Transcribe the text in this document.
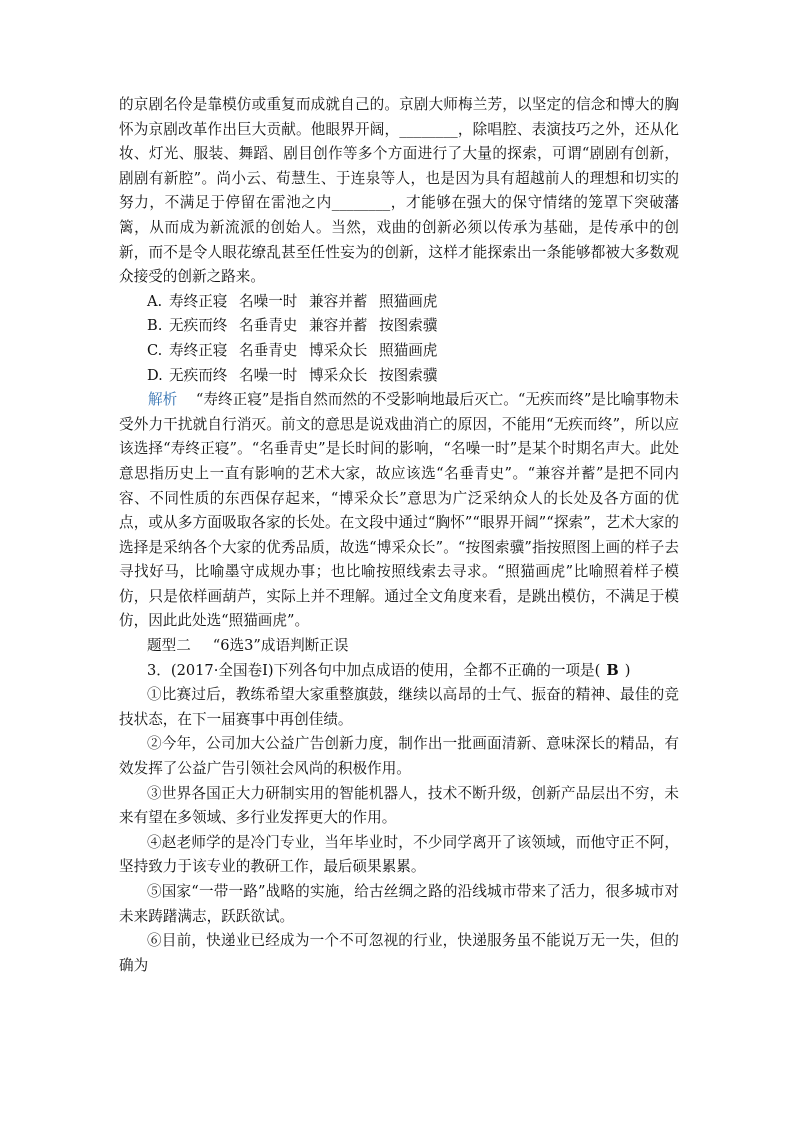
的京剧名伶是靠模仿或重复而成就自己的。京剧大师梅兰芳，以坚定的信念和博大的胸怀为京剧改革作出巨大贡献。他眼界开阔，________，除唱腔、表演技巧之外，还从化妆、灯光、服装、舞蹈、剧目创作等多个方面进行了大量的探索，可谓“剧剧有创新，剧剧有新腔”。尚小云、荀慧生、于连泉等人，也是因为具有超越前人的理想和切实的努力，不满足于停留在雷池之内________，才能够在强大的保守情绪的笼罩下突破藩篱，从而成为新流派的创始人。当然，戏曲的创新必须以传承为基础，是传承中的创新，而不是令人眼花缭乱甚至任性妄为的创新，这样才能探索出一条能够都被大多数观众接受的创新之路来。

A. 寿终正寝 名噪一时 兼容并蓄 照猫画虎

B. 无疾而终 名垂青史 兼容并蓄 按图索骥

C. 寿终正寝 名垂青史 博采众长 照猫画虎

D. 无疾而终 名噪一时 博采众长 按图索骥

解析 “寿终正寝”是指自然而然的不受影响地最后灭亡。“无疾而终”是比喻事物未受外力干扰就自行消灭。前文的意思是说戏曲消亡的原因，不能用“无疾而终”，所以应该选择“寿终正寝”。“名垂青史”是长时间的影响，“名噪一时”是某个时期名声大。此处意思指历史上一直有影响的艺术大家，故应该选“名垂青史”。“兼容并蓄”是把不同内容、不同性质的东西保存起来，“博采众长”意思为广泛采纳众人的长处及各方面的优点，或从多方面吸取各家的长处。在文段中通过“胸怀”“眼界开阔”“探索”，艺术大家的选择是采纳各个大家的优秀品质，故选“博采众长”。“按图索骥”指按照图上画的样子去寻找好马，比喻墨守成规办事；也比喻按照线索去寻求。“照猫画虎”比喻照着样子模仿，只是依样画葫芦，实际上并不理解。通过全文角度来看，是跳出模仿，不满足于模仿，因此此处选“照猫画虎”。

题型二 “6选3”成语判断正误

3．(2017·全国卷Ⅰ)下列各句中加点成语的使用，全都不正确的一项是( B )

①比赛过后，教练希望大家重整旗鼓，继续以高昂的士气、振奋的精神、最佳的竞技状态，在下一届赛事中再创佳绩。

②今年，公司加大公益广告创新力度，制作出一批画面清新、意味深长的精品，有效发挥了公益广告引领社会风尚的积极作用。

③世界各国正大力研制实用的智能机器人，技术不断升级，创新产品层出不穷，未来有望在多领域、多行业发挥更大的作用。

④赵老师学的是冷门专业，当年毕业时，不少同学离开了该领域，而他守正不阿，坚持致力于该专业的教研工作，最后硕果累累。

⑤国家“一带一路”战略的实施，给古丝绸之路的沿线城市带来了活力，很多城市对未来踌躇满志，跃跃欲试。

⑥目前，快递业已经成为一个不可忽视的行业，快递服务虽不能说万无一失，但的确为
